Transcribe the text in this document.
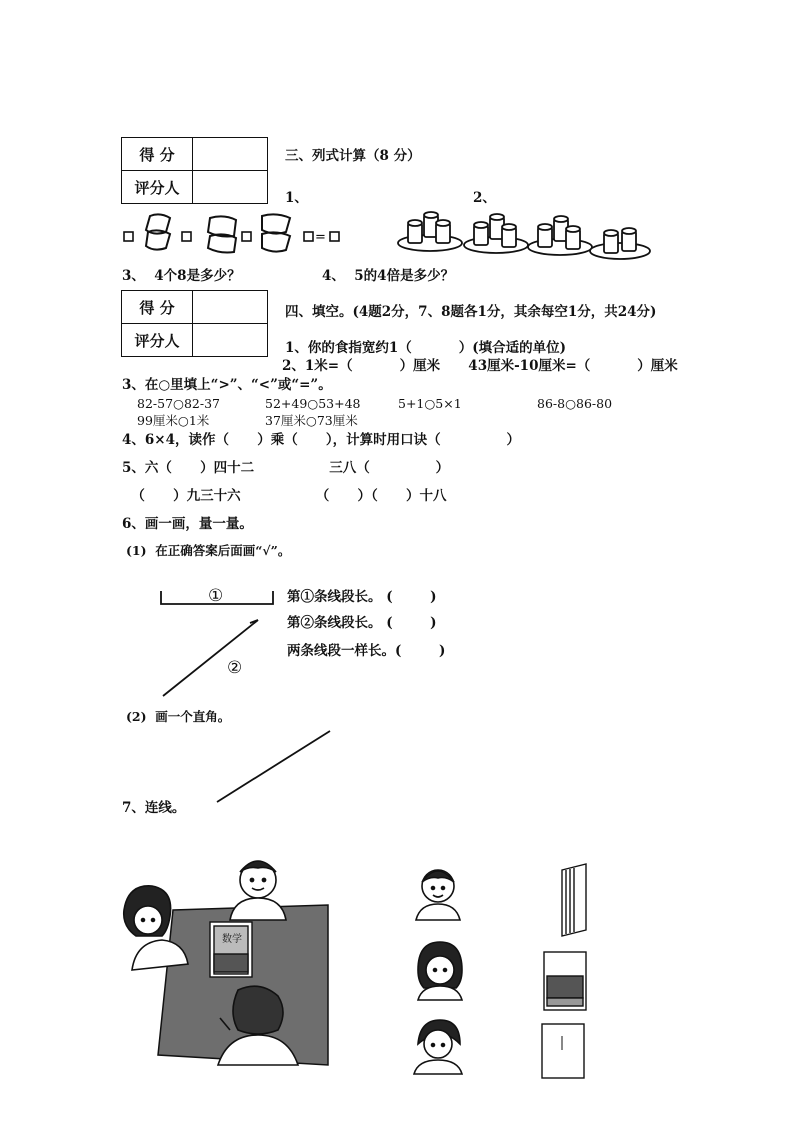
得 分	
评分人	
三、列式计算（8 分）
1、	2、
=
3、  4个8是多少？	4、  5的4倍是多少？
得 分	
评分人	
四、填空。(4题2分，7、8题各1分，其余每空1分，共24分)
1、你的食指宽约1（          ）(填合适的单位)
2、1米=（          ）厘米      43厘米-10厘米=（          ）厘米
3、在○里填上“>”、“<”或“=”。
82-57○82-37	52+49○53+48	5+1○5×1	86-8○86-80
99厘米○1米	37厘米○73厘米
4、6×4，读作（      ）乘（      ），计算时用口诀（              ）
5、六（      ）四十二                三八（              ）
（      ）九三十六                （      ）（      ）十八
6、画一画，量一量。
(1)  在正确答案后面画“√”。
①
②
第①条线段长。 (        )
第②条线段长。 (        )
两条线段一样长。(        )
(2)  画一个直角。
7、连线。
数学
